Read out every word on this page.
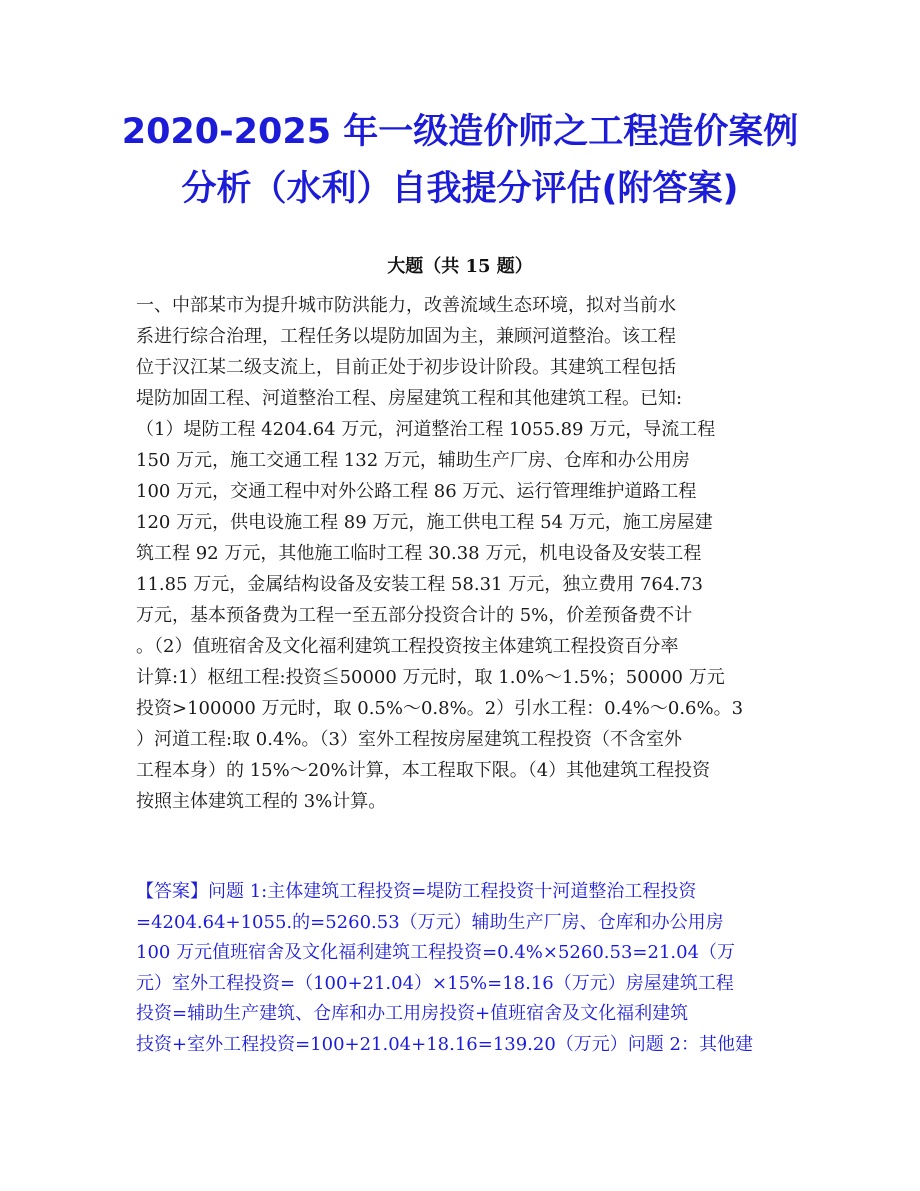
2020-2025 年一级造价师之工程造价案例
分析（水利）自我提分评估(附答案)
大题（共 15 题）
一、中部某市为提升城市防洪能力，改善流域生态环境，拟对当前水
系进行综合治理，工程任务以堤防加固为主，兼顾河道整治。该工程
位于汉江某二级支流上，目前正处于初步设计阶段。其建筑工程包括
堤防加固工程、河道整治工程、房屋建筑工程和其他建筑工程。已知:
（1）堤防工程 4204.64 万元，河道整治工程 1055.89 万元，导流工程
150 万元，施工交通工程 132 万元，辅助生产厂房、仓库和办公用房
100 万元，交通工程中对外公路工程 86 万元、运行管理维护道路工程
120 万元，供电设施工程 89 万元，施工供电工程 54 万元，施工房屋建
筑工程 92 万元，其他施工临时工程 30.38 万元，机电设备及安装工程
11.85 万元，金属结构设备及安装工程 58.31 万元，独立费用 764.73
万元，基本预备费为工程一至五部分投资合计的 5%，价差预备费不计
。（2）值班宿舍及文化福利建筑工程投资按主体建筑工程投资百分率
计算:1）枢纽工程:投资≦50000 万元时，取 1.0%～1.5%；50000 万元
投资>100000 万元时，取 0.5%～0.8%。2）引水工程：0.4%～0.6%。3
）河道工程:取 0.4%。（3）室外工程按房屋建筑工程投资（不含室外
工程本身）的 15%～20%计算，本工程取下限。（4）其他建筑工程投资
按照主体建筑工程的 3%计算。
【答案】问题 1:主体建筑工程投资=堤防工程投资十河道整治工程投资
=4204.64+1055.的=5260.53（万元）辅助生产厂房、仓库和办公用房
100 万元值班宿舍及文化福利建筑工程投资=0.4%×5260.53=21.04（万
元）室外工程投资=（100+21.04）×15%=18.16（万元）房屋建筑工程
投资=辅助生产建筑、仓库和办工用房投资+值班宿舍及文化福利建筑
技资+室外工程投资=100+21.04+18.16=139.20（万元）问题 2：其他建
